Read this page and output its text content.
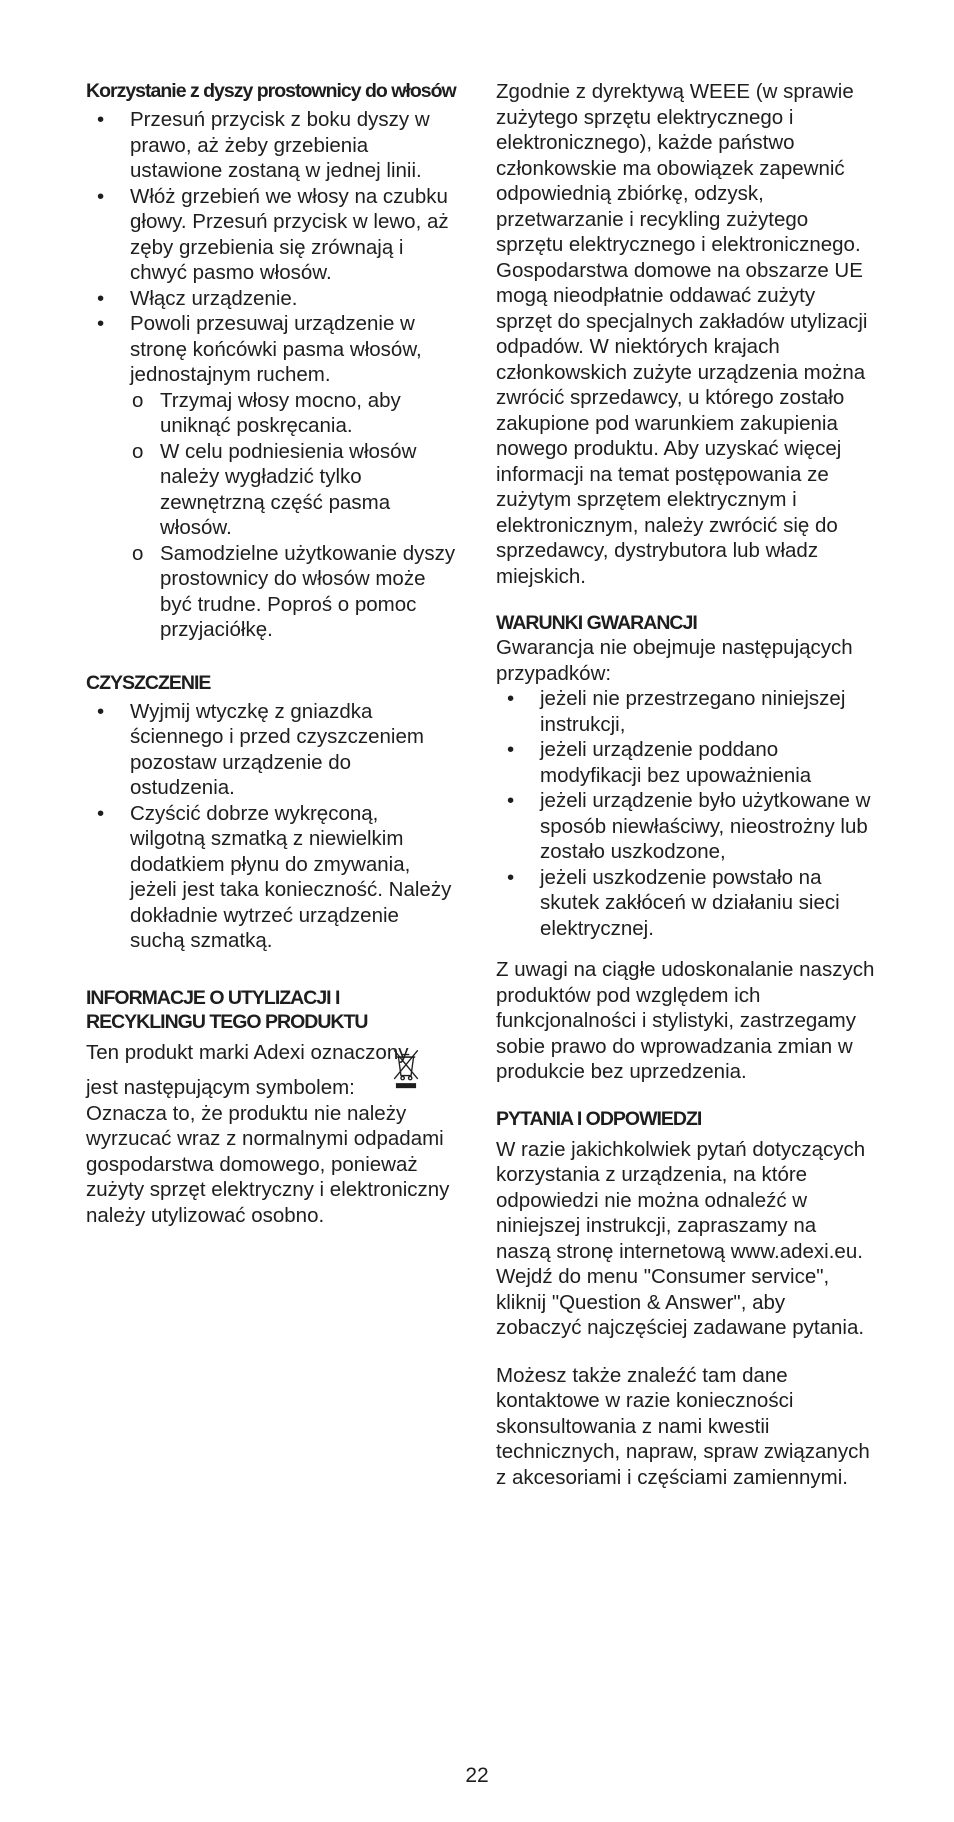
Korzystanie z dyszy prostownicy do włosów
• Przesuń przycisk z boku dyszy w prawo, aż żeby grzebienia ustawione zostaną w jednej linii.
• Włóż grzebień we włosy na czubku głowy. Przesuń przycisk w lewo, aż zęby grzebienia się zrównają i chwyć pasmo włosów.
• Włącz urządzenie.
• Powoli przesuwaj urządzenie w stronę końcówki pasma włosów, jednostajnym ruchem.
o Trzymaj włosy mocno, aby uniknąć poskręcania.
o W celu podniesienia włosów należy wygładzić tylko zewnętrzną część pasma włosów.
o Samodzielne użytkowanie dyszy prostownicy do włosów może być trudne. Poproś o pomoc przyjaciółkę.
CZYSZCZENIE
• Wyjmij wtyczkę z gniazdka ściennego i przed czyszczeniem pozostaw urządzenie do ostudzenia.
• Czyścić dobrze wykręconą, wilgotną szmatką z niewielkim dodatkiem płynu do zmywania, jeżeli jest taka konieczność. Należy dokładnie wytrzeć urządzenie suchą szmatką.
INFORMACJE O UTYLIZACJI I RECYKLINGU TEGO PRODUKTU

Ten produkt marki Adexi oznaczony

jest następującym symbolem:

Oznacza to, że produktu nie należy wyrzucać wraz z normalnymi odpadami gospodarstwa domowego, ponieważ zużyty sprzęt elektryczny i elektroniczny należy utylizować osobno.

Zgodnie z dyrektywą WEEE (w sprawie zużytego sprzętu elektrycznego i elektronicznego), każde państwo członkowskie ma obowiązek zapewnić odpowiednią zbiórkę, odzysk, przetwarzanie i recykling zużytego sprzętu elektrycznego i elektronicznego. Gospodarstwa domowe na obszarze UE mogą nieodpłatnie oddawać zużyty sprzęt do specjalnych zakładów utylizacji odpadów. W niektórych krajach członkowskich zużyte urządzenia można zwrócić sprzedawcy, u którego zostało zakupione pod warunkiem zakupienia nowego produktu. Aby uzyskać więcej informacji na temat postępowania ze zużytym sprzętem elektrycznym i elektronicznym, należy zwrócić się do sprzedawcy, dystrybutora lub władz miejskich.

WARUNKI GWARANCJI

Gwarancja nie obejmuje następujących przypadków:

• jeżeli nie przestrzegano niniejszej instrukcji,
• jeżeli urządzenie poddano modyfikacji bez upoważnienia
• jeżeli urządzenie było użytkowane w sposób niewłaściwy, nieostrożny lub zostało uszkodzone,
• jeżeli uszkodzenie powstało na skutek zakłóceń w działaniu sieci elektrycznej.

Z uwagi na ciągłe udoskonalanie naszych produktów pod względem ich funkcjonalności i stylistyki, zastrzegamy sobie prawo do wprowadzania zmian w produkcie bez uprzedzenia.

PYTANIA I ODPOWIEDZI

W razie jakichkolwiek pytań dotyczących korzystania z urządzenia, na które odpowiedzi nie można odnaleźć w niniejszej instrukcji, zapraszamy na naszą stronę internetową www.adexi.eu.

Wejdź do menu "Consumer service", kliknij "Question & Answer", aby zobaczyć najczęściej zadawane pytania.

Możesz także znaleźć tam dane kontaktowe w razie konieczności skonsultowania z nami kwestii technicznych, napraw, spraw związanych z akcesoriami i częściami zamiennymi.

22
